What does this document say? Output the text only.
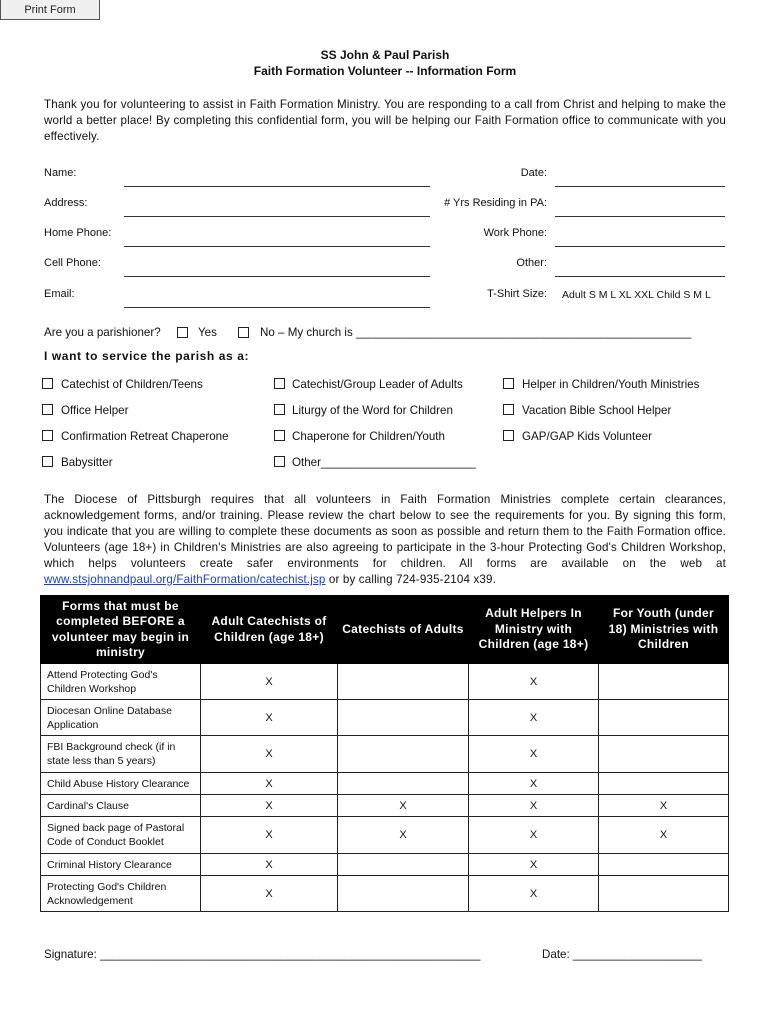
Print Form
SS John & Paul Parish
Faith Formation Volunteer -- Information Form
Thank you for volunteering to assist in Faith Formation Ministry. You are responding to a call from Christ and helping to make the world a better place! By completing this confidential form, you will be helping our Faith Formation office to communicate with you effectively.
Name:
Address:
Home Phone:
Cell Phone:
Email:
Date:
# Yrs Residing in PA:
Work Phone:
Other:
T-Shirt Size: Adult S M L XL XXL Child S M L
Are you a parishioner?	Yes	No – My church is ____________________________________________________
I want to service the parish as a:
Catechist of Children/Teens	Catechist/Group Leader of Adults	Helper in Children/Youth Ministries
Office Helper	Liturgy of the Word for Children	Vacation Bible School Helper
Confirmation Retreat Chaperone	Chaperone for Children/Youth	GAP/GAP Kids Volunteer
Babysitter	Other________________________
The Diocese of Pittsburgh requires that all volunteers in Faith Formation Ministries complete certain clearances, acknowledgement forms, and/or training. Please review the chart below to see the requirements for you. By signing this form, you indicate that you are willing to complete these documents as soon as possible and return them to the Faith Formation office. Volunteers (age 18+) in Children's Ministries are also agreeing to participate in the 3-hour Protecting God's Children Workshop, which helps volunteers create safer environments for children. All forms are available on the web at www.stsjohnandpaul.org/FaithFormation/catechist.jsp or by calling 724-935-2104 x39.
Forms that must be completed BEFORE a volunteer may begin in ministry	Adult Catechists of Children (age 18+)	Catechists of Adults	Adult Helpers In Ministry with Children (age 18+)	For Youth (under 18) Ministries with Children
Attend Protecting God's Children Workshop	X		X	
Diocesan Online Database Application	X		X	
FBI Background check (if in state less than 5 years)	X		X	
Child Abuse History Clearance	X		X	
Cardinal's Clause	X	X	X	X
Signed back page of Pastoral Code of Conduct Booklet	X	X	X	X
Criminal History Clearance	X		X	
Protecting God's Children Acknowledgement	X		X	
Signature: ___________________________________________________________	Date: ____________________
